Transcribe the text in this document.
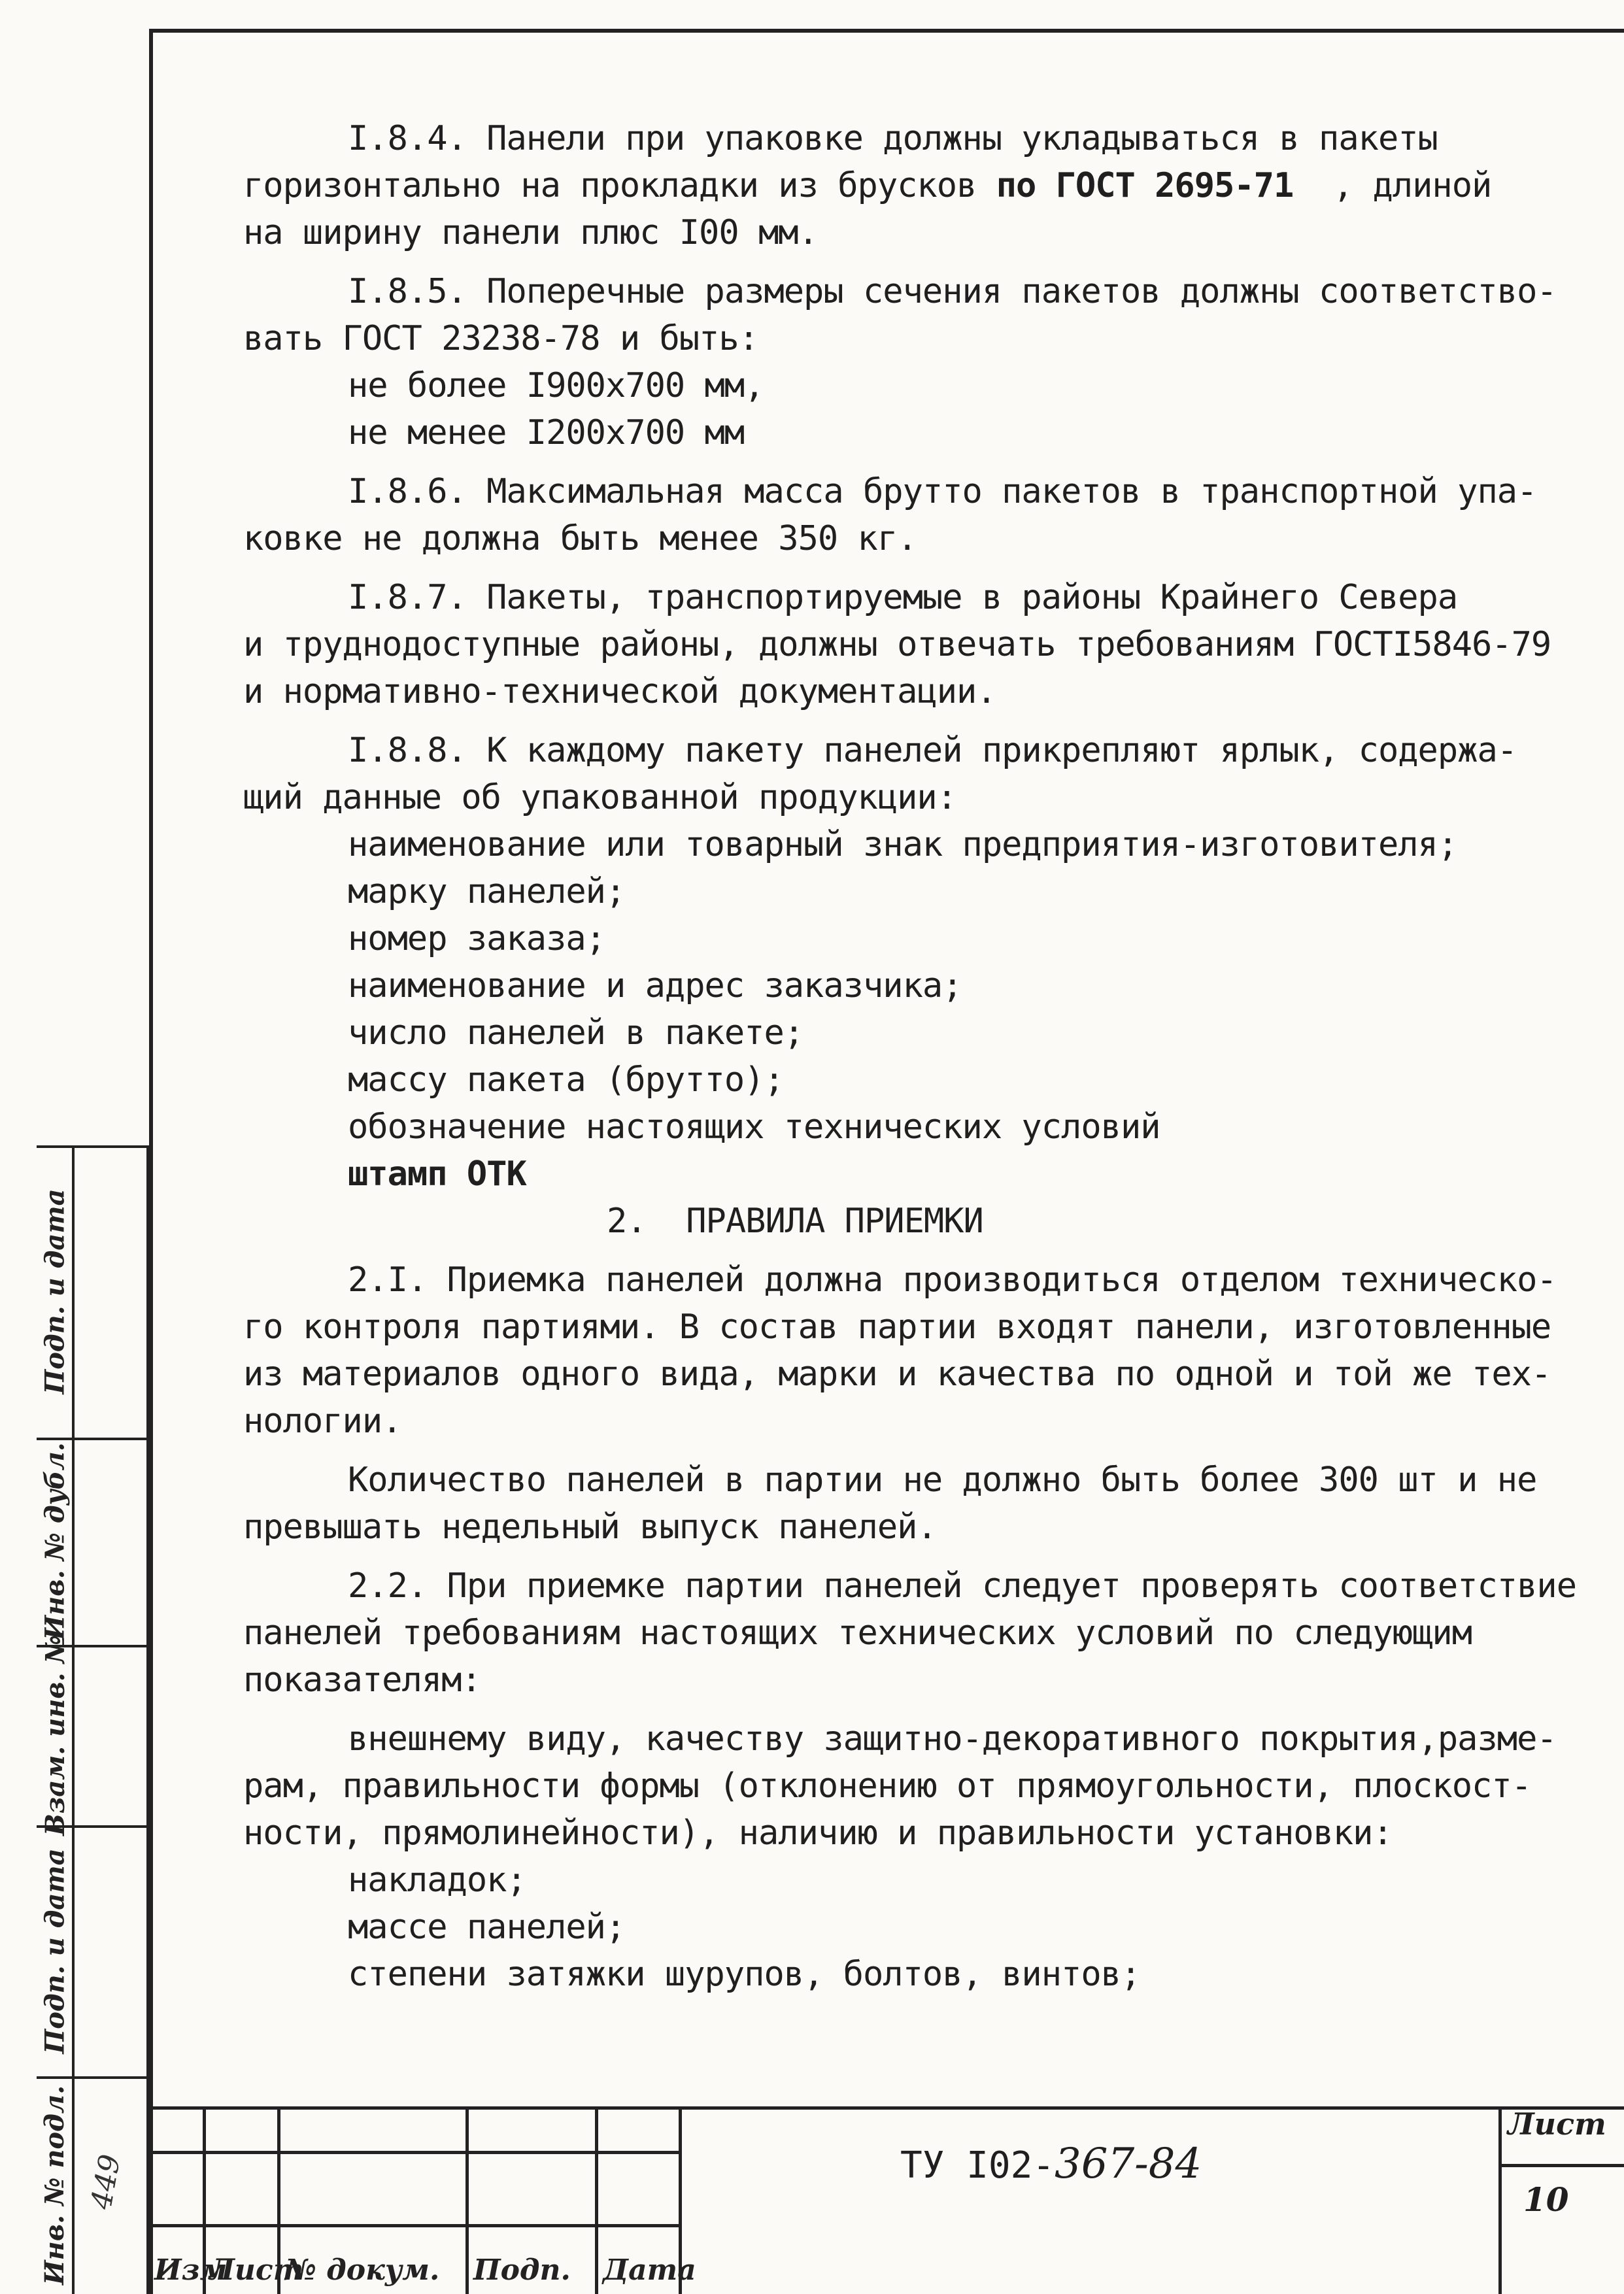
I.8.4. Панели при упаковке должны укладываться в пакеты
горизонтально на прокладки из брусков по ГОСТ 2695-71  , длиной
на ширину панели плюс I00 мм.
I.8.5. Поперечные размеры сечения пакетов должны соответство-
вать ГОСТ 23238-78 и быть:
не более I900x700 мм,
не менее I200x700 мм
I.8.6. Максимальная масса брутто пакетов в транспортной упа-
ковке не должна быть менее 350 кг.
I.8.7. Пакеты, транспортируемые в районы Крайнего Севера
и труднодоступные районы, должны отвечать требованиям ГОСТI5846-79
и нормативно-технической документации.
I.8.8. К каждому пакету панелей прикрепляют ярлык, содержа-
щий данные об упакованной продукции:
наименование или товарный знак предприятия-изготовителя;
марку панелей;
номер заказа;
наименование и адрес заказчика;
число панелей в пакете;
массу пакета (брутто);
обозначение настоящих технических условий
штамп ОТК
2.  ПРАВИЛА ПРИЕМКИ
2.I. Приемка панелей должна производиться отделом техническо-
го контроля партиями. В состав партии входят панели, изготовленные
из материалов одного вида, марки и качества по одной и той же тех-
нологии.
Количество панелей в партии не должно быть более 300 шт и не
превышать недельный выпуск панелей.
2.2. При приемке партии панелей следует проверять соответствие
панелей требованиям настоящих технических условий по следующим
показателям:
внешнему виду, качеству защитно-декоративного покрытия,разме-
рам, правильности формы (отклонению от прямоугольности, плоскост-
ности, прямолинейности), наличию и правильности установки:
накладок;
массе панелей;
степени затяжки шурупов, болтов, винтов;
Подп. и дата
Инв. № дубл.
Взам. инв. №
Подп. и дата
Инв. № подл. 449
Изм
Лист
№ докум. Подп. Дата
ТУ I02-367-84
Лист
10
